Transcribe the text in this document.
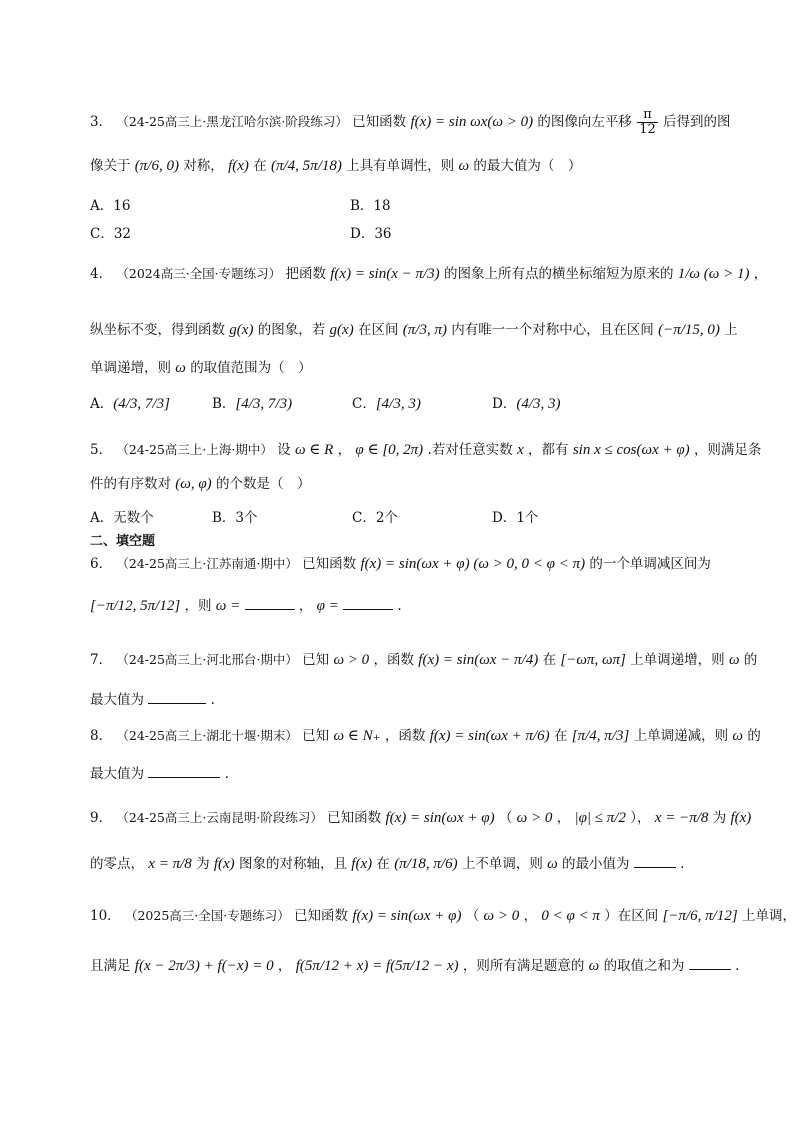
3． （24-25高三上·黑龙江哈尔滨·阶段练习） 已知函数 f(x) = sin ωx(ω > 0) 的图像向左平移 $\frac{\pi}{12}$ 后得到的图
像关于 (π/6, 0) 对称， f(x) 在 (π/4, 5π/18) 上具有单调性，则 ω 的最大值为（　）
A．16	B．18
C．32	D．36
4． （2024高三·全国·专题练习） 把函数 f(x) = sin(x − π/3) 的图象上所有点的横坐标缩短为原来的 1/ω (ω > 1) ，
纵坐标不变，得到函数 g(x) 的图象，若 g(x) 在区间 (π/3, π) 内有唯一一个对称中心，且在区间 (−π/15, 0) 上
单调递增，则 ω 的取值范围为（　）
A．(4/3, 7/3]	B．[4/3, 7/3)	C．[4/3, 3)	D．(4/3, 3)
5． （24-25高三上·上海·期中） 设 ω ∈ R ， φ ∈ [0, 2π) .若对任意实数 x ，都有 sin x ≤ cos(ωx + φ) ，则满足条
件的有序数对 (ω, φ) 的个数是（　）
A．无数个	B．3个	C．2个	D．1个
二、填空题
6． （24-25高三上·江苏南通·期中） 已知函数 f(x) = sin(ωx + φ) (ω > 0, 0 < φ < π) 的一个单调减区间为
[−π/12, 5π/12] ，则 ω =	， φ =	.
7． （24-25高三上·河北邢台·期中） 已知 ω > 0 ，函数 f(x) = sin(ωx − π/4) 在 [−ωπ, ωπ] 上单调递增，则 ω 的
最大值为	.
8． （24-25高三上·湖北十堰·期末） 已知 ω ∈ N₊ ，函数 f(x) = sin(ωx + π/6) 在 [π/4, π/3] 上单调递减，则 ω 的
最大值为	.
9． （24-25高三上·云南昆明·阶段练习） 已知函数 f(x) = sin(ωx + φ) （ ω > 0 ， |φ| ≤ π/2 ）， x = −π/8 为 f(x)
的零点， x = π/8 为 f(x) 图象的对称轴，且 f(x) 在 (π/18, π/6) 上不单调，则 ω 的最小值为	.
10． （2025高三·全国·专题练习） 已知函数 f(x) = sin(ωx + φ) （ ω > 0 ， 0 < φ < π ）在区间 [−π/6, π/12] 上单调，
且满足 f(x − 2π/3) + f(−x) = 0 ， f(5π/12 + x) = f(5π/12 − x) ，则所有满足题意的 ω 的取值之和为	.
